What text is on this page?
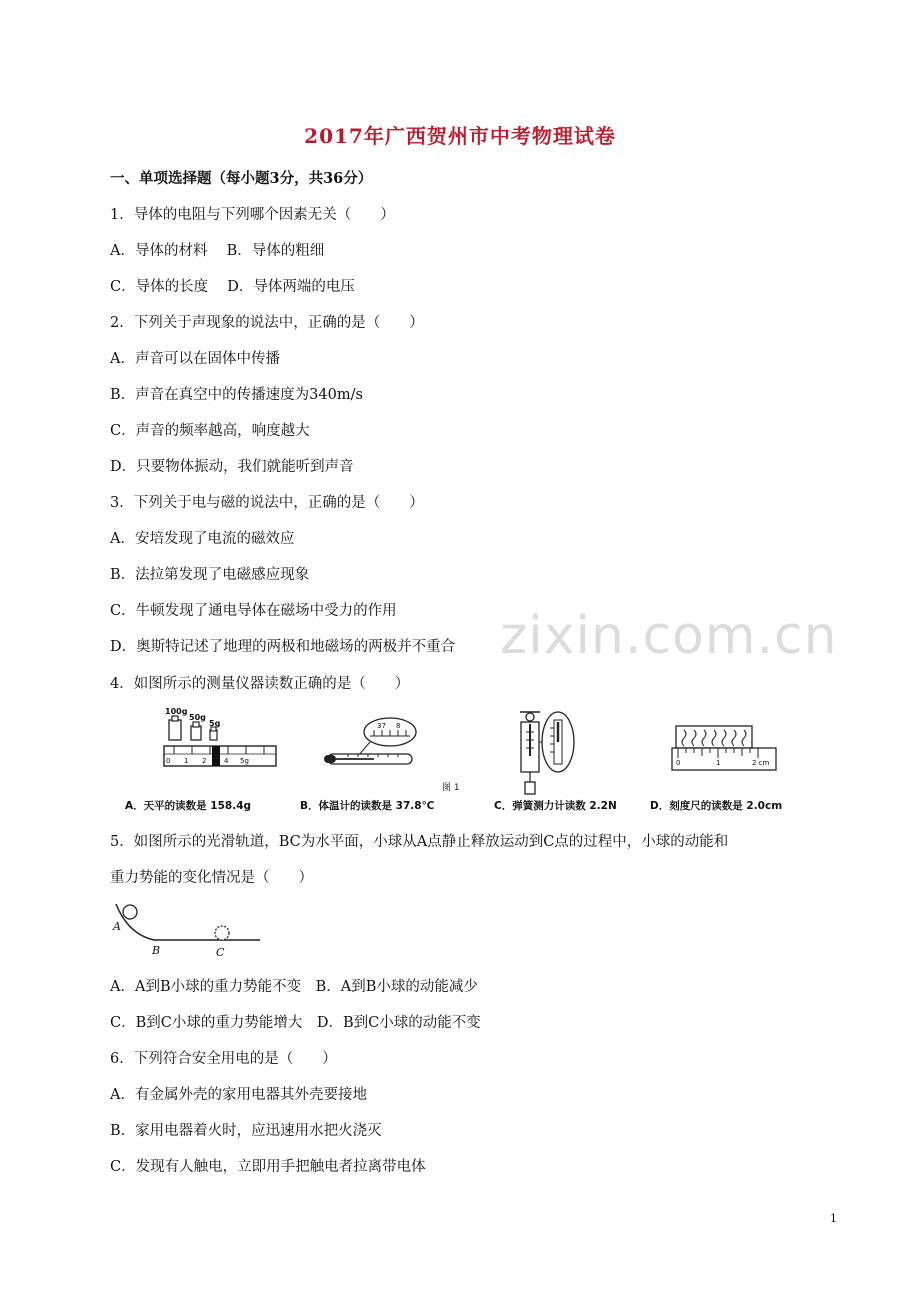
zixin.com.cn
2017年广西贺州市中考物理试卷
一、单项选择题（每小题3分，共36分）
1．导体的电阻与下列哪个因素无关（　　）
A．导体的材料　 B．导体的粗细
C．导体的长度　 D．导体两端的电压
2．下列关于声现象的说法中，正确的是（　　）
A．声音可以在固体中传播
B．声音在真空中的传播速度为340m/s
C．声音的频率越高，响度越大
D．只要物体振动，我们就能听到声音
3．下列关于电与磁的说法中，正确的是（　　）
A．安培发现了电流的磁效应
B．法拉第发现了电磁感应现象
C．牛顿发现了通电导体在磁场中受力的作用
D．奥斯特记述了地理的两极和地磁场的两极并不重合
4．如图所示的测量仪器读数正确的是（　　）
100g
50g
5g
0 1 2	4 5g
37 8
0	1	2 cm
图 1
A．天平的读数是 158.4g	B．体温计的读数是 37.8℃	C．弹簧测力计读数 2.2N	D．刻度尺的读数是 2.0cm
5．如图所示的光滑轨道，BC为水平面，小球从A点静止释放运动到C点的过程中，小球的动能和
重力势能的变化情况是（　　）
A
B	C
A．A到B小球的重力势能不变　B．A到B小球的动能减少
C．B到C小球的重力势能增大　D．B到C小球的动能不变
6．下列符合安全用电的是（　　）
A．有金属外壳的家用电器其外壳要接地
B．家用电器着火时，应迅速用水把火浇灭
C．发现有人触电，立即用手把触电者拉离带电体
1
